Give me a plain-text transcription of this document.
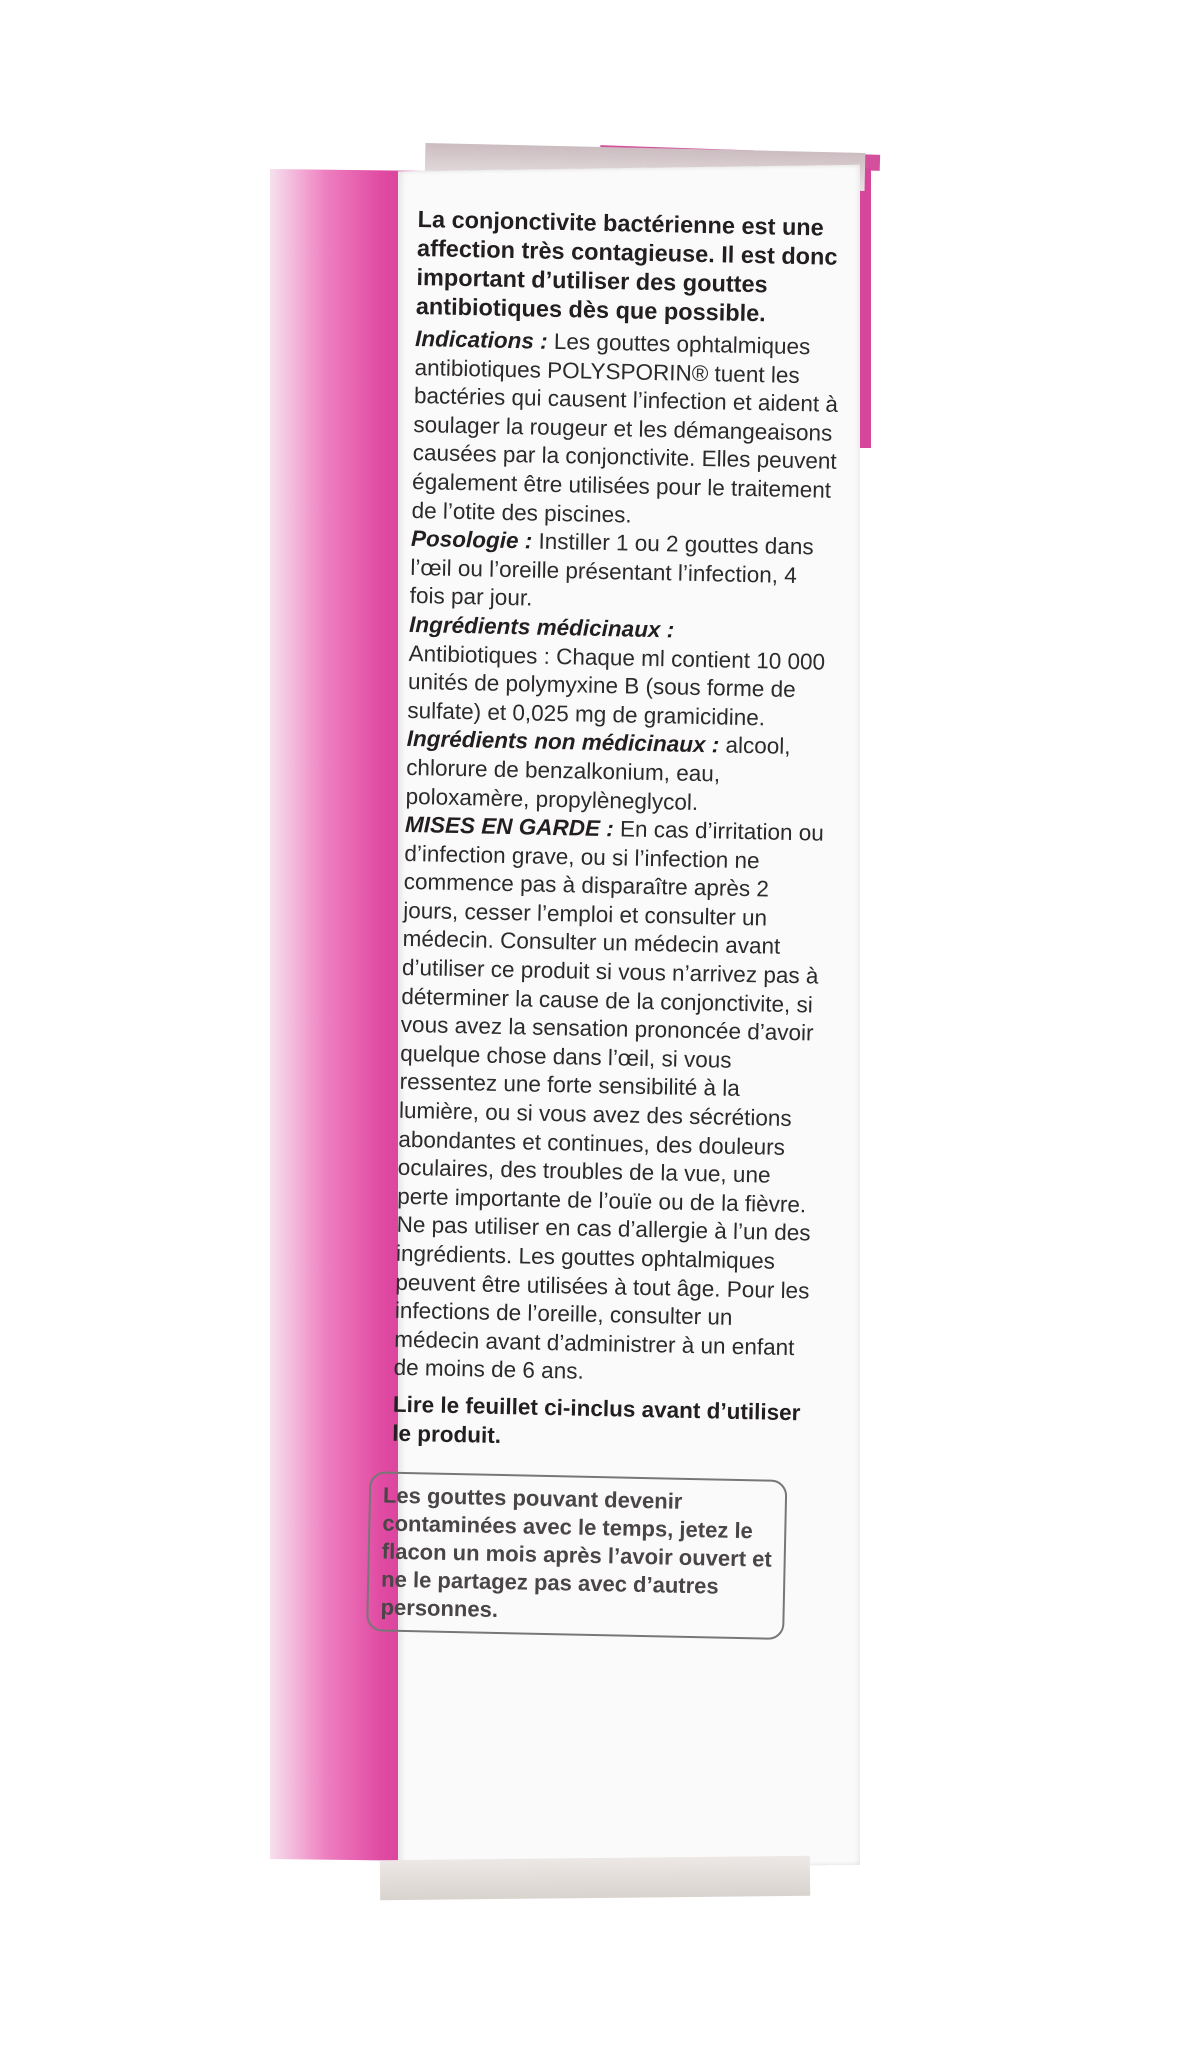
La conjonctivite bactérienne est une affection très contagieuse. Il est donc important d’utiliser des gouttes antibiotiques dès que possible.

Indications : Les gouttes ophtalmiques antibiotiques POLYSPORIN® tuent les bactéries qui causent l’infection et aident à soulager la rougeur et les démangeaisons causées par la conjonctivite. Elles peuvent également être utilisées pour le traitement de l’otite des piscines.

Posologie : Instiller 1 ou 2 gouttes dans l’œil ou l’oreille présentant l’infection, 4 fois par jour.

Ingrédients médicinaux :
Antibiotiques : Chaque ml contient 10 000 unités de polymyxine B (sous forme de sulfate) et 0,025 mg de gramicidine.

Ingrédients non médicinaux : alcool, chlorure de benzalkonium, eau, poloxamère, propylèneglycol.

MISES EN GARDE : En cas d’irritation ou d’infection grave, ou si l’infection ne commence pas à disparaître après 2 jours, cesser l’emploi et consulter un médecin. Consulter un médecin avant d’utiliser ce produit si vous n’arrivez pas à déterminer la cause de la conjonctivite, si vous avez la sensation prononcée d’avoir quelque chose dans l’œil, si vous ressentez une forte sensibilité à la lumière, ou si vous avez des sécrétions abondantes et continues, des douleurs oculaires, des troubles de la vue, une perte importante de l’ouïe ou de la fièvre. Ne pas utiliser en cas d’allergie à l’un des ingrédients. Les gouttes ophtalmiques peuvent être utilisées à tout âge. Pour les infections de l’oreille, consulter un médecin avant d’administrer à un enfant de moins de 6 ans.

Lire le feuillet ci-inclus avant d’utiliser le produit.

Les gouttes pouvant devenir contaminées avec le temps, jetez le flacon un mois après l’avoir ouvert et ne le partagez pas avec d’autres personnes.
